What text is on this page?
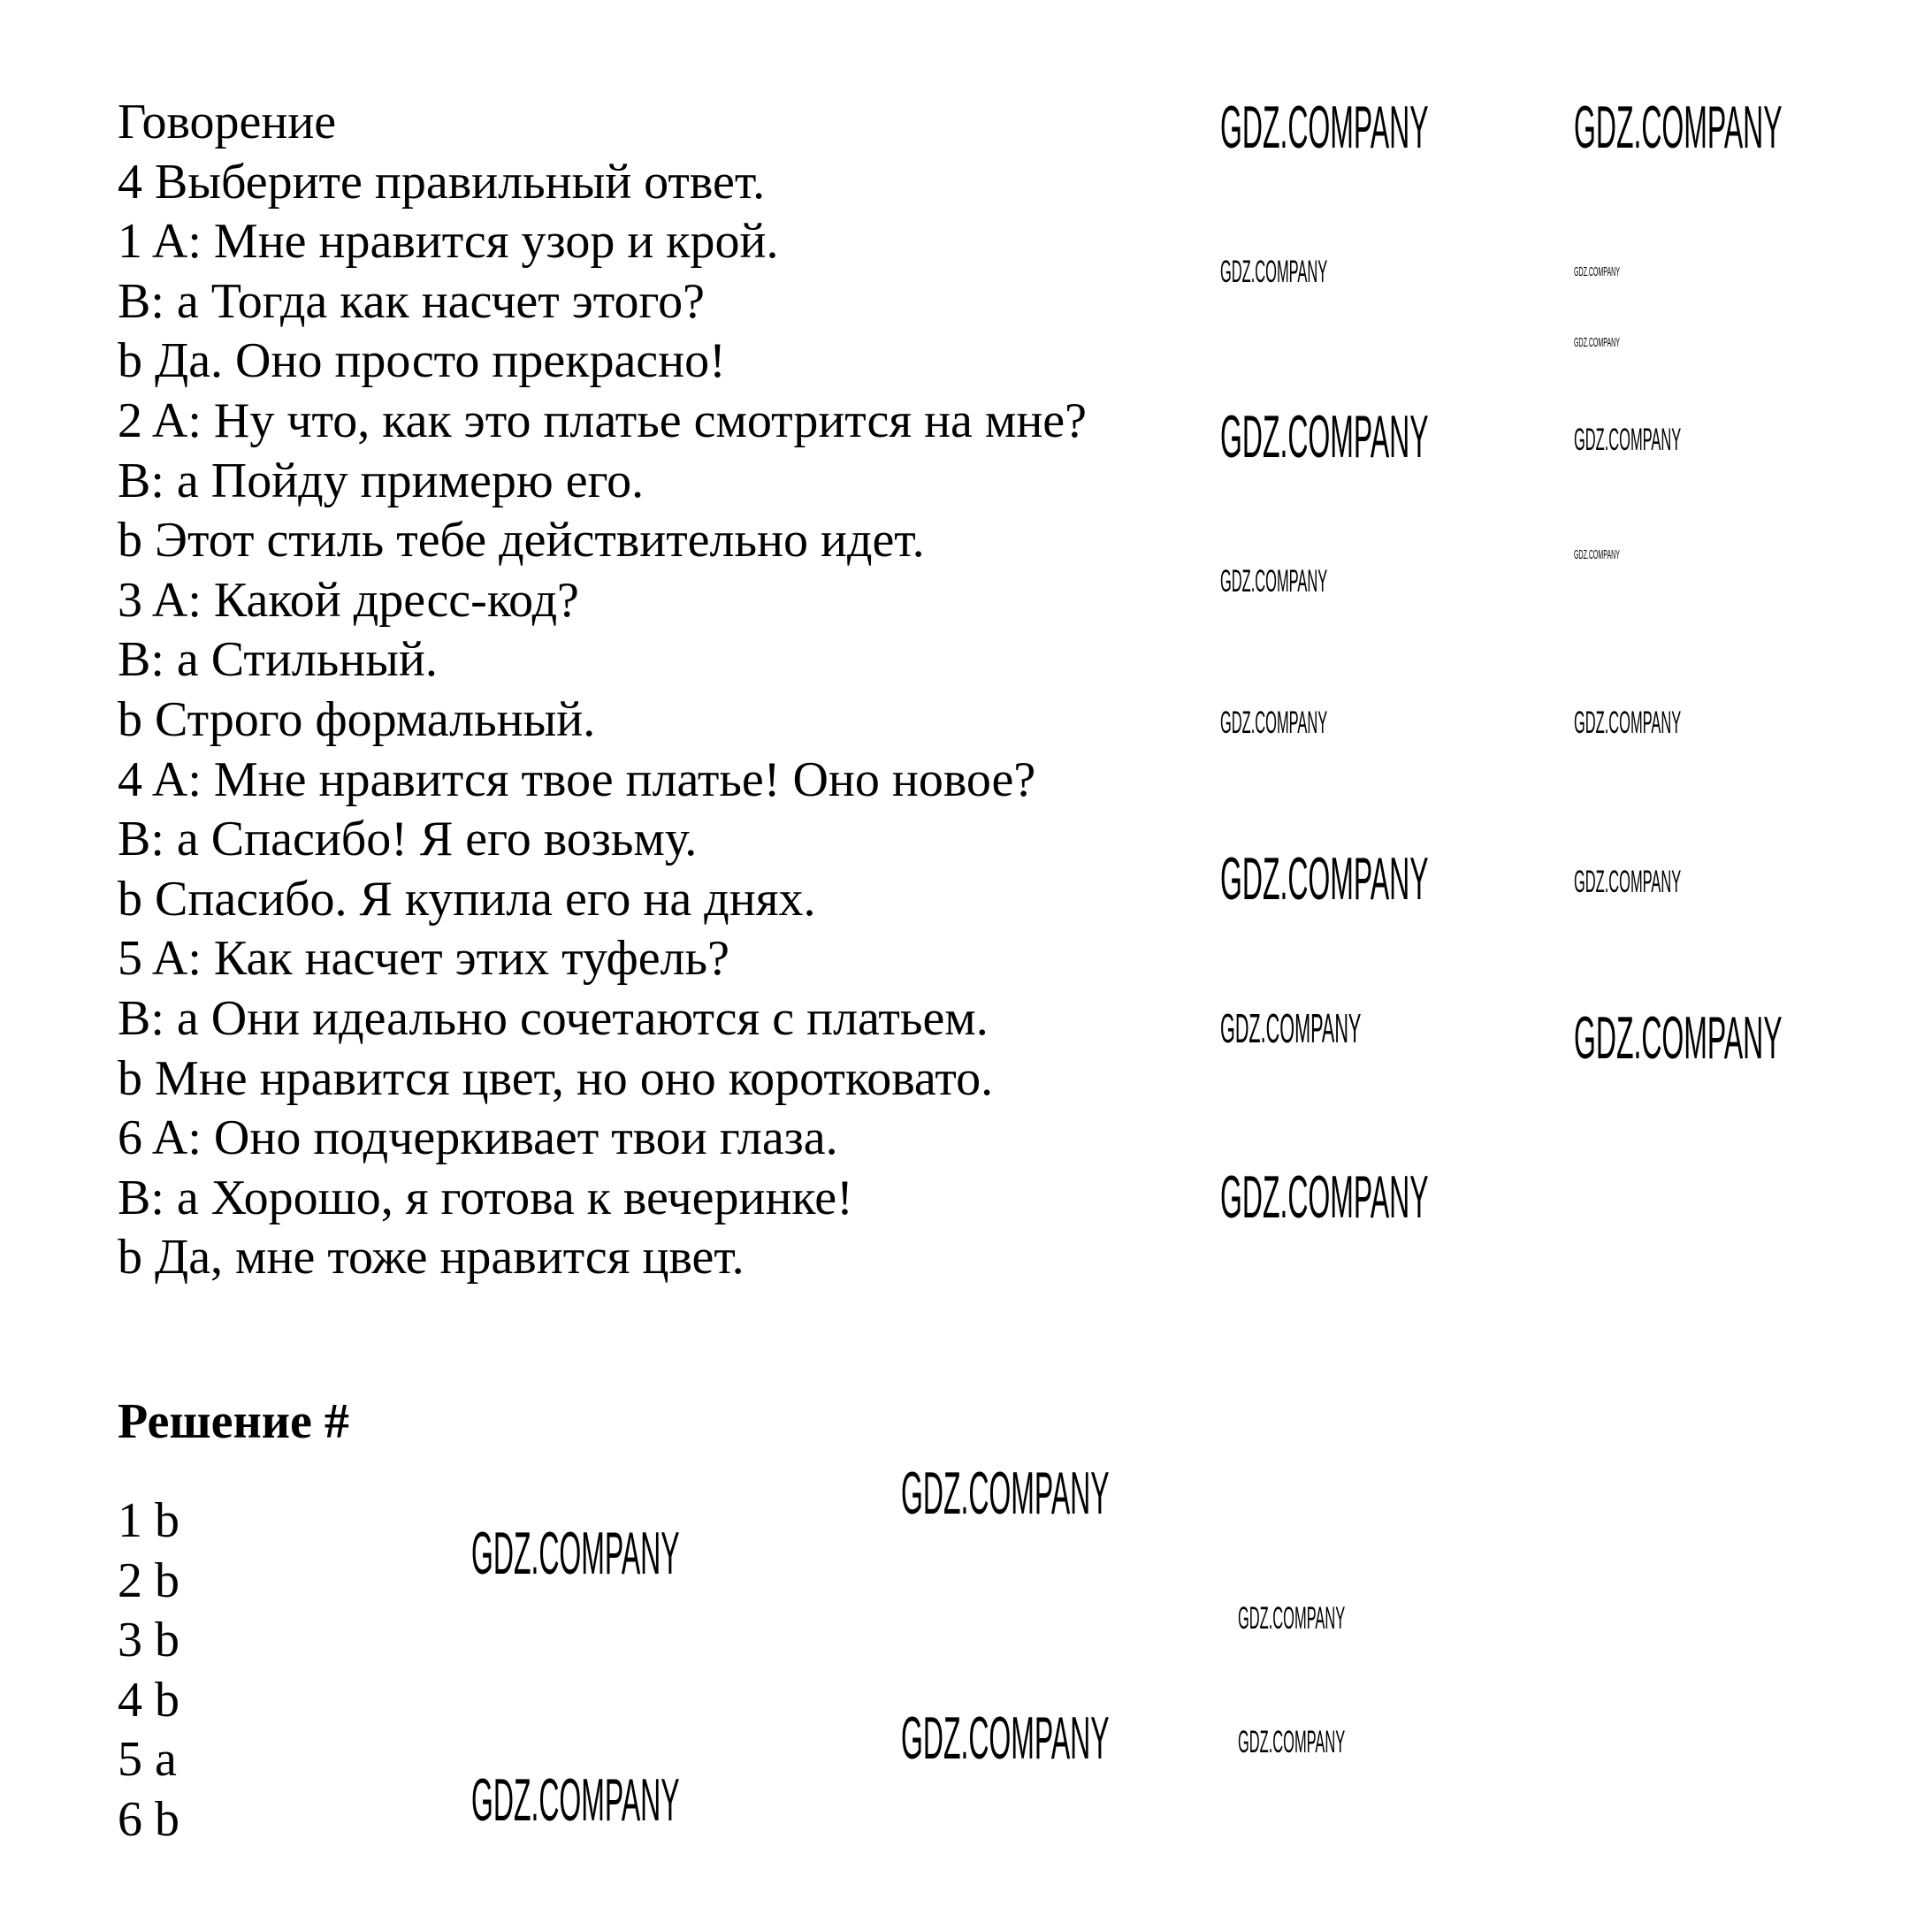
Говорение
4 Выберите правильный ответ.
1 A: Мне нравится узор и крой.
B: a Тогда как насчет этого?
b Да. Оно просто прекрасно!
2 A: Ну что, как это платье смотрится на мне?
B: a Пойду примерю его.
b Этот стиль тебе действительно идет.
3 A: Какой дресс-код?
B: a Стильный.
b Строго формальный.
4 A: Мне нравится твое платье! Оно новое?
B: a Спасибо! Я его возьму.
b Спасибо. Я купила его на днях.
5 A: Как насчет этих туфель?
B: a Они идеально сочетаются с платьем.
b Мне нравится цвет, но оно коротковато.
6 A: Оно подчеркивает твои глаза.
B: a Хорошо, я готова к вечеринке!
b Да, мне тоже нравится цвет.
Решение #
1 b
2 b
3 b
4 b
5 a
6 b
GDZ.COMPANY GDZ.COMPANY
GDZ.COMPANY	GDZ.COMPANY
GDZ.COMPANY
GDZ.COMPANY	GDZ.COMPANY
GDZ.COMPANY
GDZ.COMPANY
GDZ.COMPANY	GDZ.COMPANY
GDZ.COMPANY	GDZ.COMPANY
GDZ.COMPANY	GDZ.COMPANY
GDZ.COMPANY
GDZ.COMPANY
GDZ.COMPANY
GDZ.COMPANY
GDZ.COMPANY	GDZ.COMPANY
GDZ.COMPANY
